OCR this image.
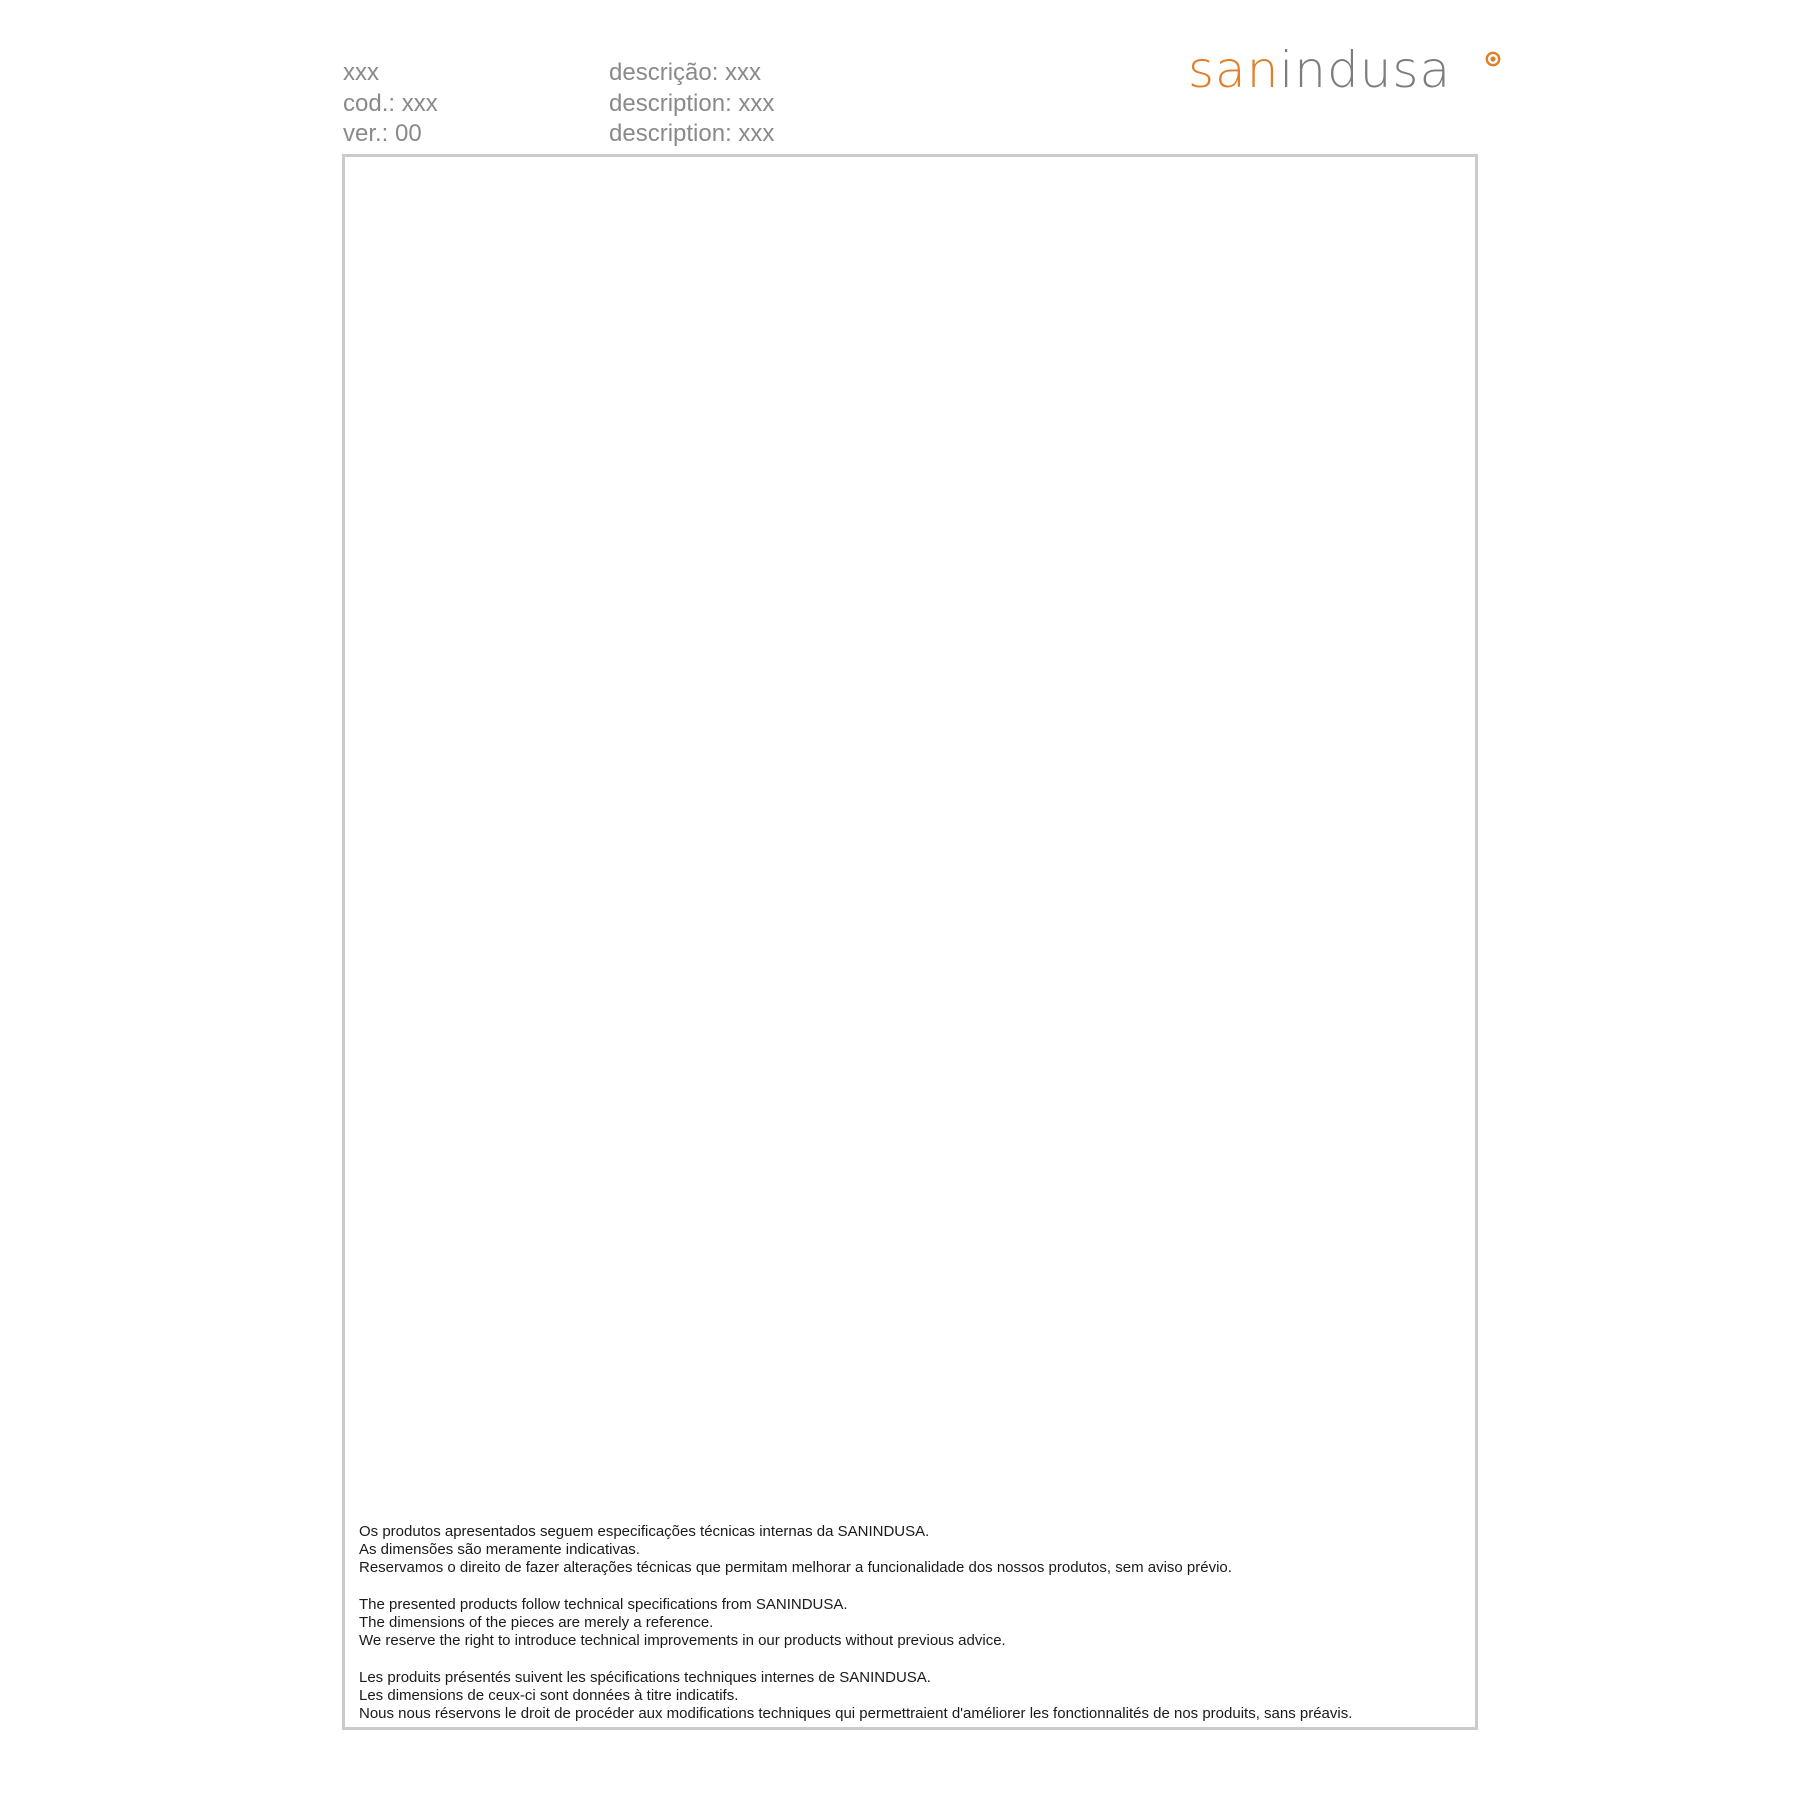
xxx
cod.: xxx
ver.: 00
descrição: xxx
description: xxx
description: xxx
sanindusa
Os produtos apresentados seguem especificações técnicas internas da SANINDUSA.
As dimensões são meramente indicativas.
Reservamos o direito de fazer alterações técnicas que permitam melhorar a funcionalidade dos nossos produtos, sem aviso prévio.
The presented products follow technical specifications from SANINDUSA.
The dimensions of the pieces are merely a reference.
We reserve the right to introduce technical improvements in our products without previous advice.
Les produits présentés suivent les spécifications techniques internes de SANINDUSA.
Les dimensions de ceux-ci sont données à titre indicatifs.
Nous nous réservons le droit de procéder aux modifications techniques qui permettraient d'améliorer les fonctionnalités de nos produits, sans préavis.
